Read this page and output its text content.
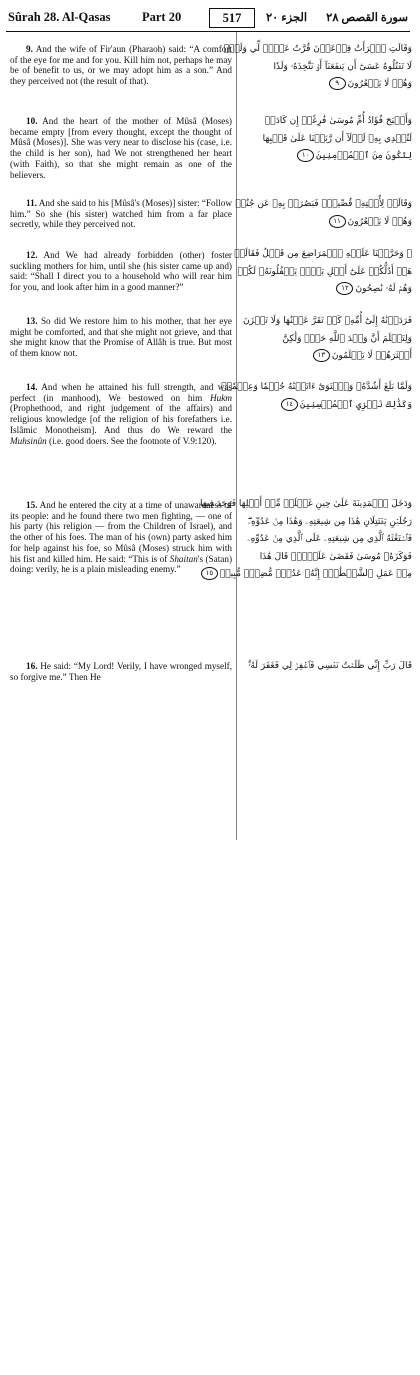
Sûrah 28. Al-Qasas	Part 20	517	الجزء ٢٠ سورة القصص ٢٨

9. And the wife of Fir'aun (Pharaoh) said: “A comfort of the eye for me and for you. Kill him not, perhaps he may be of benefit to us, or we may adopt him as a son.” And they perceived not (the result of that).

وَقَالَتِ ٱمۡرَأَتُ فِرۡعَوۡنَ قُرَّتُ عَيۡنٖ لِّي وَلَكَۖ
لَا تَقۡتُلُوهُ عَسَىٰٓ أَن يَنفَعَنَآ أَوۡ نَتَّخِذَهُۥ وَلَدٗا
وَهُمۡ لَا يَشۡعُرُونَ٩

10. And the heart of the mother of Mûsâ (Moses) became empty [from every thought, except the thought of Mûsâ (Moses)]. She was very near to disclose his (case, i.e. the child is her son), had We not strengthened her heart (with Faith), so that she might remain as one of the believers.

وَأَصۡبَحَ فُؤَادُ أُمِّ مُوسَىٰ فَٰرِغًاۖ إِن كَادَتۡ
لَتُبۡدِي بِهِۦ لَوۡلَآ أَن رَّبَطۡنَا عَلَىٰ قَلۡبِهَا
لِتَكُونَ مِنَ ٱلۡمُؤۡمِنِينَ١٠

11. And she said to his [Mûsâ's (Moses)] sister: “Follow him.” So she (his sister) watched him from a far place secretly, while they perceived not.

وَقَالَتۡ لِأُخۡتِهِۦ قُصِّيهِۖ فَبَصُرَتۡ بِهِۦ عَن جُنُبٖ
وَهُمۡ لَا يَشۡعُرُونَ١١

12. And We had already forbidden (other) foster suckling mothers for him, until she (his sister came up and) said: “Shall I direct you to a household who will rear him for you, and look after him in a good manner?”

۞ وَحَرَّمۡنَا عَلَيۡهِ ٱلۡمَرَاضِعَ مِن قَبۡلُ فَقَالَتۡ
هَلۡ أَدُلُّكُمۡ عَلَىٰٓ أَهۡلِ بَيۡتٖ يَكۡفُلُونَهُۥ لَكُمۡ
وَهُمۡ لَهُۥ نَٰصِحُونَ١٢

13. So did We restore him to his mother, that her eye might be comforted, and that she might not grieve, and that she might know that the Promise of Allâh is true. But most of them know not.

فَرَدَدۡنَٰهُ إِلَىٰٓ أُمِّهِۦ كَيۡ تَقَرَّ عَيۡنُهَا وَلَا تَحۡزَنَ
وَلِتَعۡلَمَ أَنَّ وَعۡدَ ٱللَّهِ حَقّٞ وَلَٰكِنَّ
أَكۡثَرَهُمۡ لَا يَعۡلَمُونَ١٣

14. And when he attained his full strength, and was perfect (in manhood), We bestowed on him Hukm (Prophethood, and right judgement of the affairs) and religious knowledge [of the religion of his forefathers i.e. Islâmic Monotheism]. And thus do We reward the Muhsinûn (i.e. good doers. See the footnote of V.9:120).

وَلَمَّا بَلَغَ أَشُدَّهُۥ وَٱسۡتَوَىٰٓ ءَاتَيۡنَٰهُ حُكۡمٗا وَعِلۡمٗاۚ
وَكَذَٰلِكَ نَجۡزِي ٱلۡمُحۡسِنِينَ١٤

15. And he entered the city at a time of unawareness of its people: and he found there two men fighting, — one of his party (his religion — from the Children of Israel), and the other of his foes. The man of his (own) party asked him for help against his foe, so Mûsâ (Moses) struck him with his fist and killed him. He said: “This is of Shaitan's (Satan) doing: verily, he is a plain misleading enemy.”

وَدَخَلَ ٱلۡمَدِينَةَ عَلَىٰ حِينِ غَفۡلَةٖ مِّنۡ أَهۡلِهَا فَوَجَدَ فِيهَا
رَجُلَيۡنِ يَقۡتَتِلَانِ هَٰذَا مِن شِيعَتِهِۦ وَهَٰذَا مِنۡ عَدُوِّهِۦۖ
فَٱسۡتَغَٰثَهُ ٱلَّذِي مِن شِيعَتِهِۦ عَلَى ٱلَّذِي مِنۡ عَدُوِّهِۦ
فَوَكَزَهُۥ مُوسَىٰ فَقَضَىٰ عَلَيۡهِۖ قَالَ هَٰذَا
مِنۡ عَمَلِ ٱلشَّيۡطَٰنِۖ إِنَّهُۥ عَدُوّٞ مُّضِلّٞ مُّبِينٞ١٥

16. He said: “My Lord! Verily, I have wronged myself, so forgive me.” Then He

قَالَ رَبِّ إِنِّي ظَلَمۡتُ نَفۡسِي فَٱغۡفِرۡ لِي فَغَفَرَ لَهُۥٓۚ
